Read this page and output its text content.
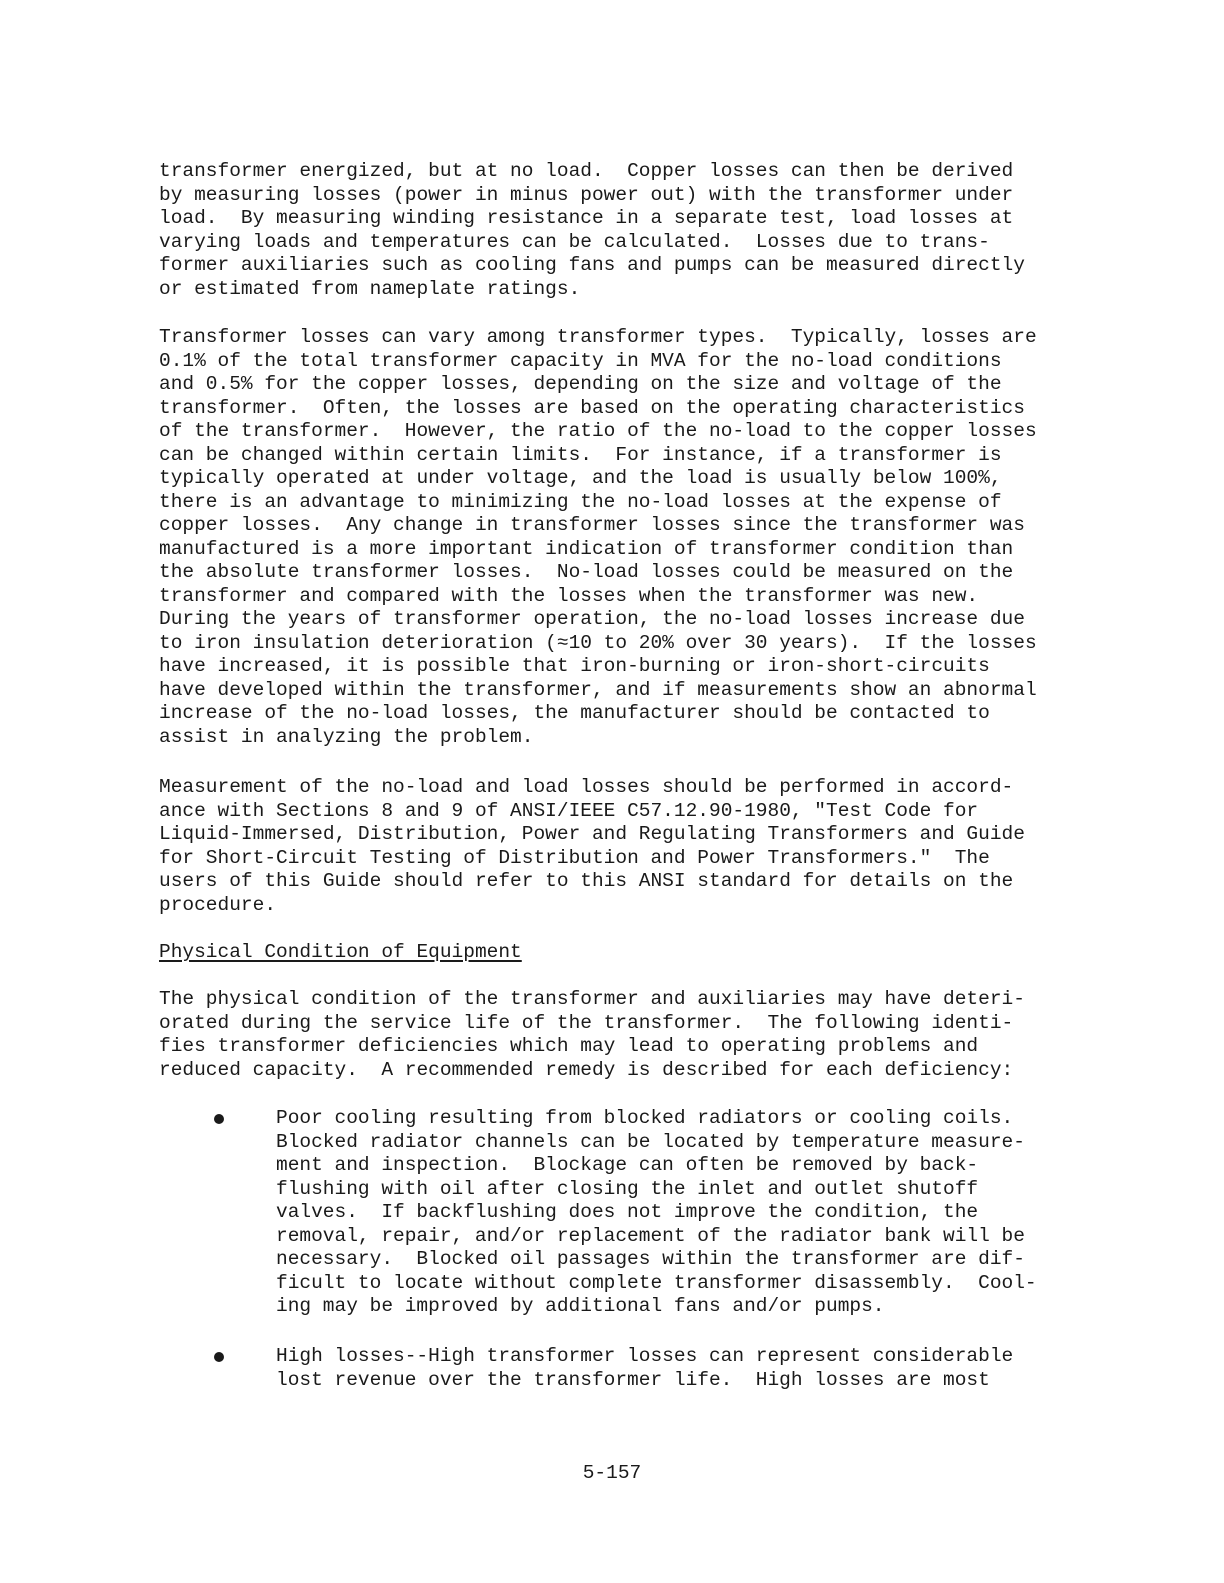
transformer energized, but at no load.  Copper losses can then be derived
by measuring losses (power in minus power out) with the transformer under
load.  By measuring winding resistance in a separate test, load losses at
varying loads and temperatures can be calculated.  Losses due to trans-
former auxiliaries such as cooling fans and pumps can be measured directly
or estimated from nameplate ratings.
Transformer losses can vary among transformer types.  Typically, losses are
0.1% of the total transformer capacity in MVA for the no-load conditions
and 0.5% for the copper losses, depending on the size and voltage of the
transformer.  Often, the losses are based on the operating characteristics
of the transformer.  However, the ratio of the no-load to the copper losses
can be changed within certain limits.  For instance, if a transformer is
typically operated at under voltage, and the load is usually below 100%,
there is an advantage to minimizing the no-load losses at the expense of
copper losses.  Any change in transformer losses since the transformer was
manufactured is a more important indication of transformer condition than
the absolute transformer losses.  No-load losses could be measured on the
transformer and compared with the losses when the transformer was new.
During the years of transformer operation, the no-load losses increase due
to iron insulation deterioration (≈10 to 20% over 30 years).  If the losses
have increased, it is possible that iron-burning or iron-short-circuits
have developed within the transformer, and if measurements show an abnormal
increase of the no-load losses, the manufacturer should be contacted to
assist in analyzing the problem.
Measurement of the no-load and load losses should be performed in accord-
ance with Sections 8 and 9 of ANSI/IEEE C57.12.90-1980, "Test Code for
Liquid-Immersed, Distribution, Power and Regulating Transformers and Guide
for Short-Circuit Testing of Distribution and Power Transformers."  The
users of this Guide should refer to this ANSI standard for details on the
procedure.
Physical Condition of Equipment
The physical condition of the transformer and auxiliaries may have deteri-
orated during the service life of the transformer.  The following identi-
fies transformer deficiencies which may lead to operating problems and
reduced capacity.  A recommended remedy is described for each deficiency:
Poor cooling resulting from blocked radiators or cooling coils.
Blocked radiator channels can be located by temperature measure-
ment and inspection.  Blockage can often be removed by back-
flushing with oil after closing the inlet and outlet shutoff
valves.  If backflushing does not improve the condition, the
removal, repair, and/or replacement of the radiator bank will be
necessary.  Blocked oil passages within the transformer are dif-
ficult to locate without complete transformer disassembly.  Cool-
ing may be improved by additional fans and/or pumps.
High losses--High transformer losses can represent considerable
lost revenue over the transformer life.  High losses are most
5-157
